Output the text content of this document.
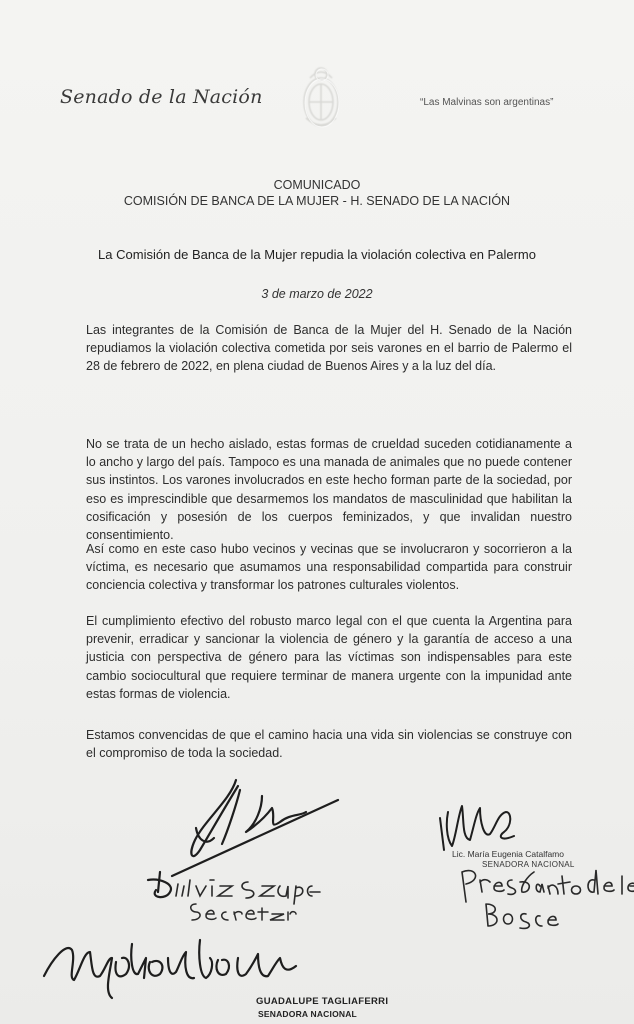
Senado de la Nación	“Las Malvinas son argentinas”
COMUNICADO
COMISIÓN DE BANCA DE LA MUJER - H. SENADO DE LA NACIÓN
La Comisión de Banca de la Mujer repudia la violación colectiva en Palermo
3 de marzo de 2022
Las integrantes de la Comisión de Banca de la Mujer del H. Senado de la Nación repudiamos la violación colectiva cometida por seis varones en el barrio de Palermo el 28 de febrero de 2022, en plena ciudad de Buenos Aires y a la luz del día.
No se trata de un hecho aislado, estas formas de crueldad suceden cotidianamente a lo ancho y largo del país. Tampoco es una manada de animales que no puede contener sus instintos. Los varones involucrados en este hecho forman parte de la sociedad, por eso es imprescindible que desarmemos los mandatos de masculinidad que habilitan la cosificación y posesión de los cuerpos feminizados, y que invalidan nuestro consentimiento.
Así como en este caso hubo vecinos y vecinas que se involucraron y socorrieron a la víctima, es necesario que asumamos una responsabilidad compartida para construir conciencia colectiva y transformar los patrones culturales violentos.
El cumplimiento efectivo del robusto marco legal con el que cuenta la Argentina para prevenir, erradicar y sancionar la violencia de género y la garantía de acceso a una justicia con perspectiva de género para las víctimas son indispensables para este cambio sociocultural que requiere terminar de manera urgente con la impunidad ante estas formas de violencia.
Estamos convencidas de que el camino hacia una vida sin violencias se construye con el compromiso de toda la sociedad.
Lic. María Eugenia Catalfamo
SENADORA NACIONAL
GUADALUPE TAGLIAFERRI
SENADORA NACIONAL
